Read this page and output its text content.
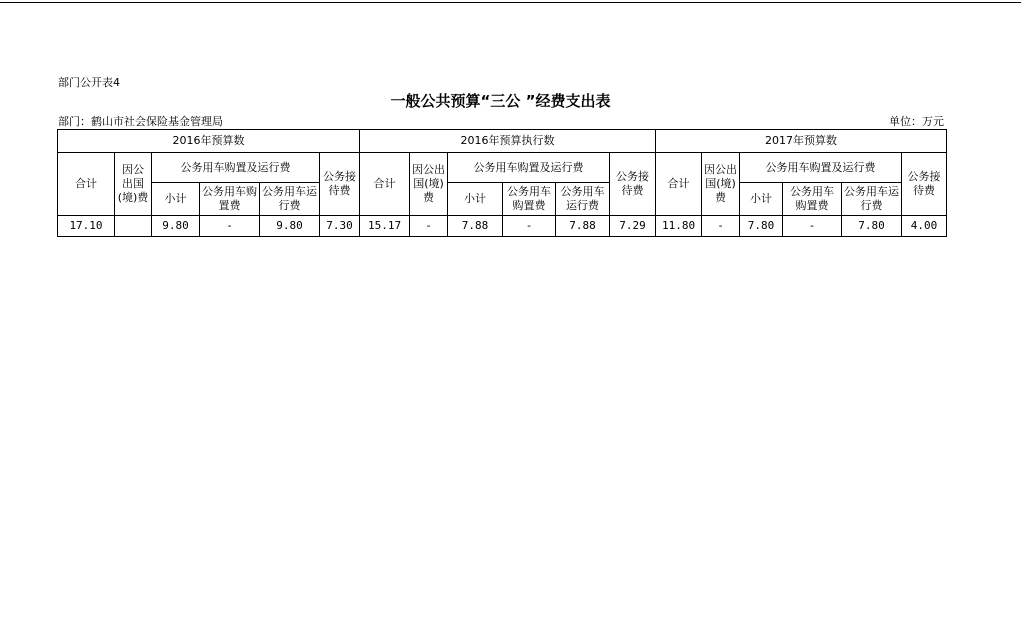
部门公开表4
一般公共预算“三公 ”经费支出表
部门：鹤山市社会保险基金管理局	单位：万元
2016年预算数						2016年预算执行数						2017年预算数					
合计	因公出国(境)费	公务用车购置及运行费			公务接待费	合计	因公出国(境)费	公务用车购置及运行费			公务接待费	合计	因公出国(境)费	公务用车购置及运行费			公务接待费
		小计	公务用车购置费	公务用车运行费				小计	公务用车购置费	公务用车运行费				小计	公务用车购置费	公务用车运行费	
17.10		9.80	-	9.80	7.30	15.17	-	7.88	-	7.88	7.29	11.80	-	7.80	-	7.80	4.00
